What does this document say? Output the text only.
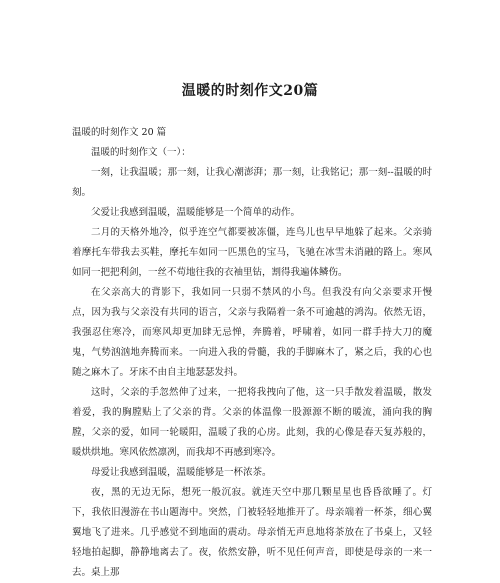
温暖的时刻作文20篇

温暖的时刻作文 20 篇

温暖的时刻作文（一）：

一刻，让我温暖；那一刻，让我心潮澎湃；那一刻，让我铭记；那一刻--温暖的时刻。

父爱让我感到温暖，温暖能够是一个简单的动作。

二月的天格外地冷，似乎连空气都要被冻僵，连鸟儿也早早地躲了起来。父亲骑着摩托车带我去买鞋，摩托车如同一匹黑色的宝马，飞驰在冰雪未消融的路上。寒风如同一把把利剑，一丝不苟地往我的衣袖里钻，割得我遍体鳞伤。

在父亲高大的背影下，我如同一只弱不禁风的小鸟。但我没有向父亲要求开慢点，因为我与父亲没有共同的语言，父亲与我隔着一条不可逾越的鸿沟。依然无语，我强忍住寒冷，而寒风却更加肆无忌惮，奔腾着，呼啸着，如同一群手持大刀的魔鬼，气势汹汹地奔腾而来。一向进入我的骨髓，我的手脚麻木了，紧之后，我的心也随之麻木了。牙床不由自主地瑟瑟发抖。

这时，父亲的手忽然伸了过来，一把将我拽向了他，这一只手散发着温暖，散发着爱，我的胸膛贴上了父亲的背。父亲的体温像一股源源不断的暖流，涌向我的胸膛，父亲的爱，如同一轮暖阳，温暖了我的心房。此刻，我的心像是春天复苏般的，暖烘烘地。寒风依然凛冽，而我却不再感到寒冷。

母爱让我感到温暖，温暖能够是一杯浓茶。

夜，黑的无边无际，想死一般沉寂。就连天空中那几颗星星也昏昏欲睡了。灯下，我依旧漫游在书山题海中。突然，门被轻轻地推开了。母亲端着一杯茶，细心翼翼地飞了进来。几乎感觉不到地面的震动。母亲悄无声息地将茶放在了书桌上，又轻轻地拍起脚，静静地离去了。夜，依然安静，听不见任何声音，即使是母亲的一来一去。桌上那
